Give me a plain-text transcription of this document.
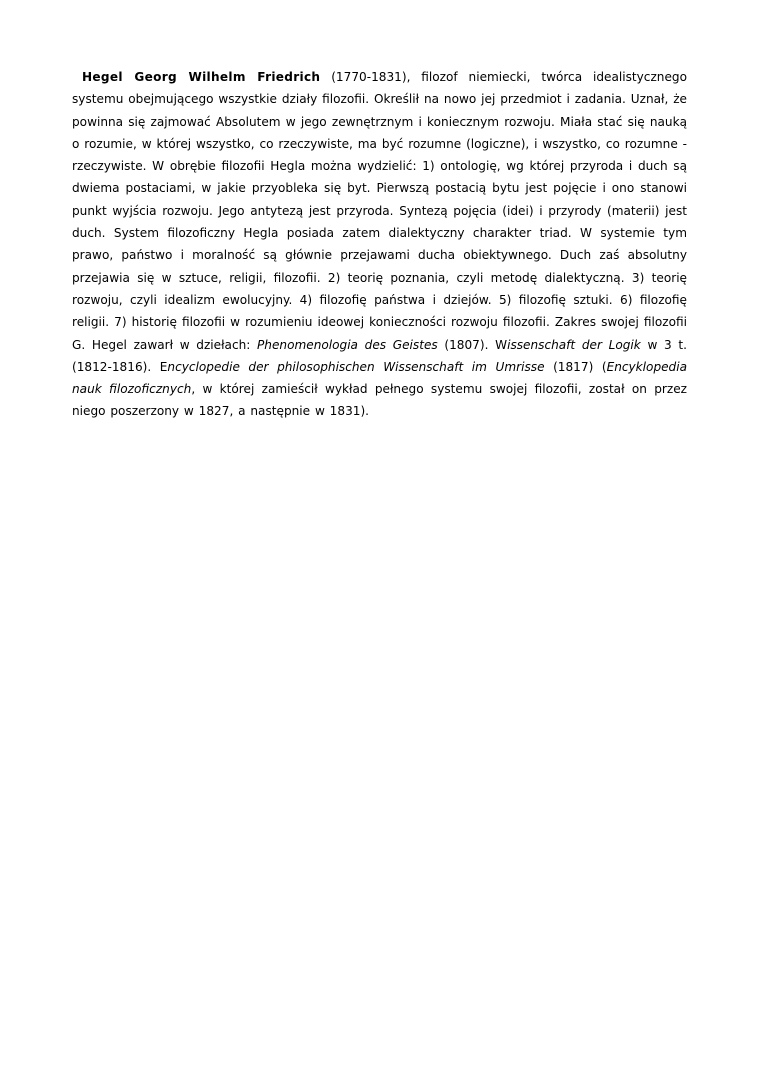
Hegel Georg Wilhelm Friedrich (1770-1831), filozof niemiecki, twórca idealistycznego systemu obejmującego wszystkie działy filozofii. Określił na nowo jej przedmiot i zadania. Uznał, że powinna się zajmować Absolutem w jego zewnętrznym i koniecznym rozwoju. Miała stać się nauką o rozumie, w której wszystko, co rzeczywiste, ma być rozumne (logiczne), i wszystko, co rozumne - rzeczywiste. W obrębie filozofii Hegla można wydzielić: 1) ontologię, wg której przyroda i duch są dwiema postaciami, w jakie przyobleka się byt. Pierwszą postacią bytu jest pojęcie i ono stanowi punkt wyjścia rozwoju. Jego antytezą jest przyroda. Syntezą pojęcia (idei) i przyrody (materii) jest duch. System filozoficzny Hegla posiada zatem dialektyczny charakter triad. W systemie tym prawo, państwo i moralność są głównie przejawami ducha obiektywnego. Duch zaś absolutny przejawia się w sztuce, religii, filozofii. 2) teorię poznania, czyli metodę dialektyczną. 3) teorię rozwoju, czyli idealizm ewolucyjny. 4) filozofię państwa i dziejów. 5) filozofię sztuki. 6) filozofię religii. 7) historię filozofii w rozumieniu ideowej konieczności rozwoju filozofii. Zakres swojej filozofii G. Hegel zawarł w dziełach: Phenomenologia des Geistes (1807). Wissenschaft der Logik w 3 t. (1812-1816). Encyclopedie der philosophischen Wissenschaft im Umrisse (1817) (Encyklopedia nauk filozoficznych, w której zamieścił wykład pełnego systemu swojej filozofii, został on przez niego poszerzony w 1827, a następnie w 1831).
